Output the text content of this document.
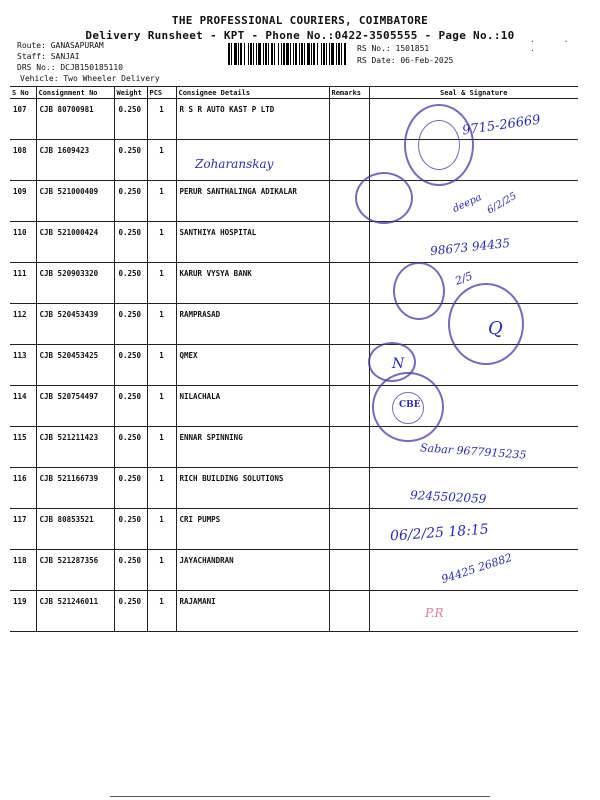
THE PROFESSIONAL COURIERS, COIMBATORE
Delivery Runsheet - KPT - Phone No.:0422-3505555 - Page No.:10
Route: GANASAPURAM
Staff: SANJAI
DRS No.: DCJB150185110
Vehicle: Two Wheeler Delivery
RS No.: 1501851
RS Date: 06-Feb-2025
. . .
S No	Consignment No	Weight	PCS	Consignee Details	Remarks	Seal & Signature
107	CJB 80700981	0.250	1	R S R AUTO KAST P LTD		
108	CJB 1609423	0.250	1			
109	CJB 521000409	0.250	1	PERUR SANTHALINGA ADIKALAR		
110	CJB 521000424	0.250	1	SANTHIYA HOSPITAL		
111	CJB 520903320	0.250	1	KARUR VYSYA BANK		
112	CJB 520453439	0.250	1	RAMPRASAD		
113	CJB 520453425	0.250	1	QMEX		
114	CJB 520754497	0.250	1	NILACHALA		
115	CJB 521211423	0.250	1	ENNAR SPINNING		
116	CJB 521166739	0.250	1	RICH BUILDING SOLUTIONS		
117	CJB 80853521	0.250	1	CRI PUMPS		
118	CJB 521287356	0.250	1	JAYACHANDRAN		
119	CJB 521246011	0.250	1	RAJAMANI		
CBE
Zoharanskay
9715-26669
deepa 6/2/25
98673 94435
2/5
Q
N
Sabar 9677915235
9245502059
06/2/25 18:15
94425 26882
P.R
